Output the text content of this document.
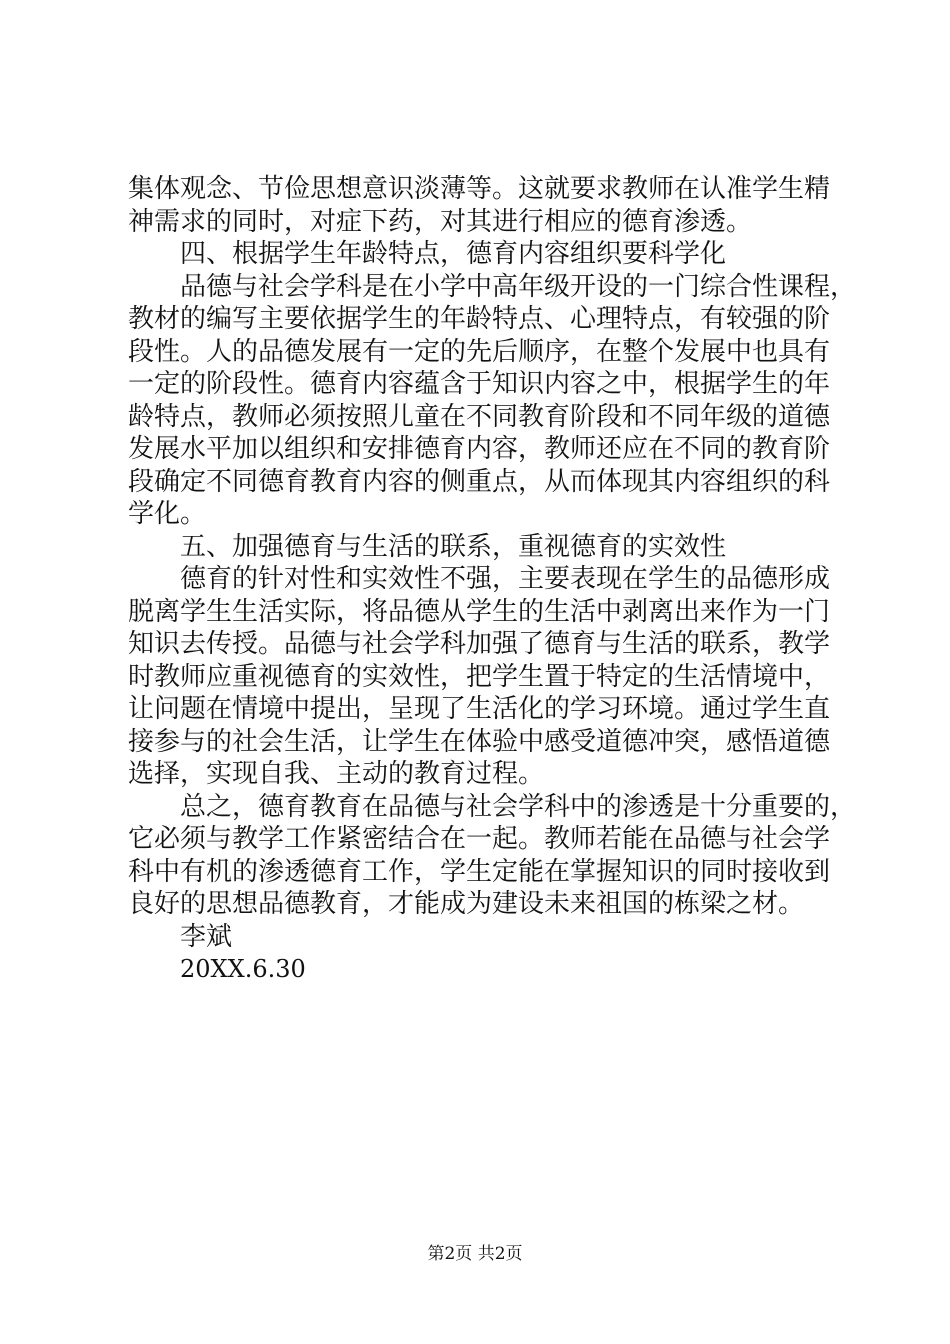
集体观念、节俭思想意识淡薄等。这就要求教师在认准学生精
神需求的同时，对症下药，对其进行相应的德育渗透。
四、根据学生年龄特点，德育内容组织要科学化
品德与社会学科是在小学中高年级开设的一门综合性课程，
教材的编写主要依据学生的年龄特点、心理特点，有较强的阶
段性。人的品德发展有一定的先后顺序，在整个发展中也具有
一定的阶段性。德育内容蕴含于知识内容之中，根据学生的年
龄特点，教师必须按照儿童在不同教育阶段和不同年级的道德
发展水平加以组织和安排德育内容，教师还应在不同的教育阶
段确定不同德育教育内容的侧重点，从而体现其内容组织的科
学化。
五、加强德育与生活的联系，重视德育的实效性
德育的针对性和实效性不强，主要表现在学生的品德形成
脱离学生生活实际，将品德从学生的生活中剥离出来作为一门
知识去传授。品德与社会学科加强了德育与生活的联系，教学
时教师应重视德育的实效性，把学生置于特定的生活情境中，
让问题在情境中提出，呈现了生活化的学习环境。通过学生直
接参与的社会生活，让学生在体验中感受道德冲突，感悟道德
选择，实现自我、主动的教育过程。
总之，德育教育在品德与社会学科中的渗透是十分重要的，
它必须与教学工作紧密结合在一起。教师若能在品德与社会学
科中有机的渗透德育工作，学生定能在掌握知识的同时接收到
良好的思想品德教育，才能成为建设未来祖国的栋梁之材。
李斌
20XX.6.30
第2页 共2页
